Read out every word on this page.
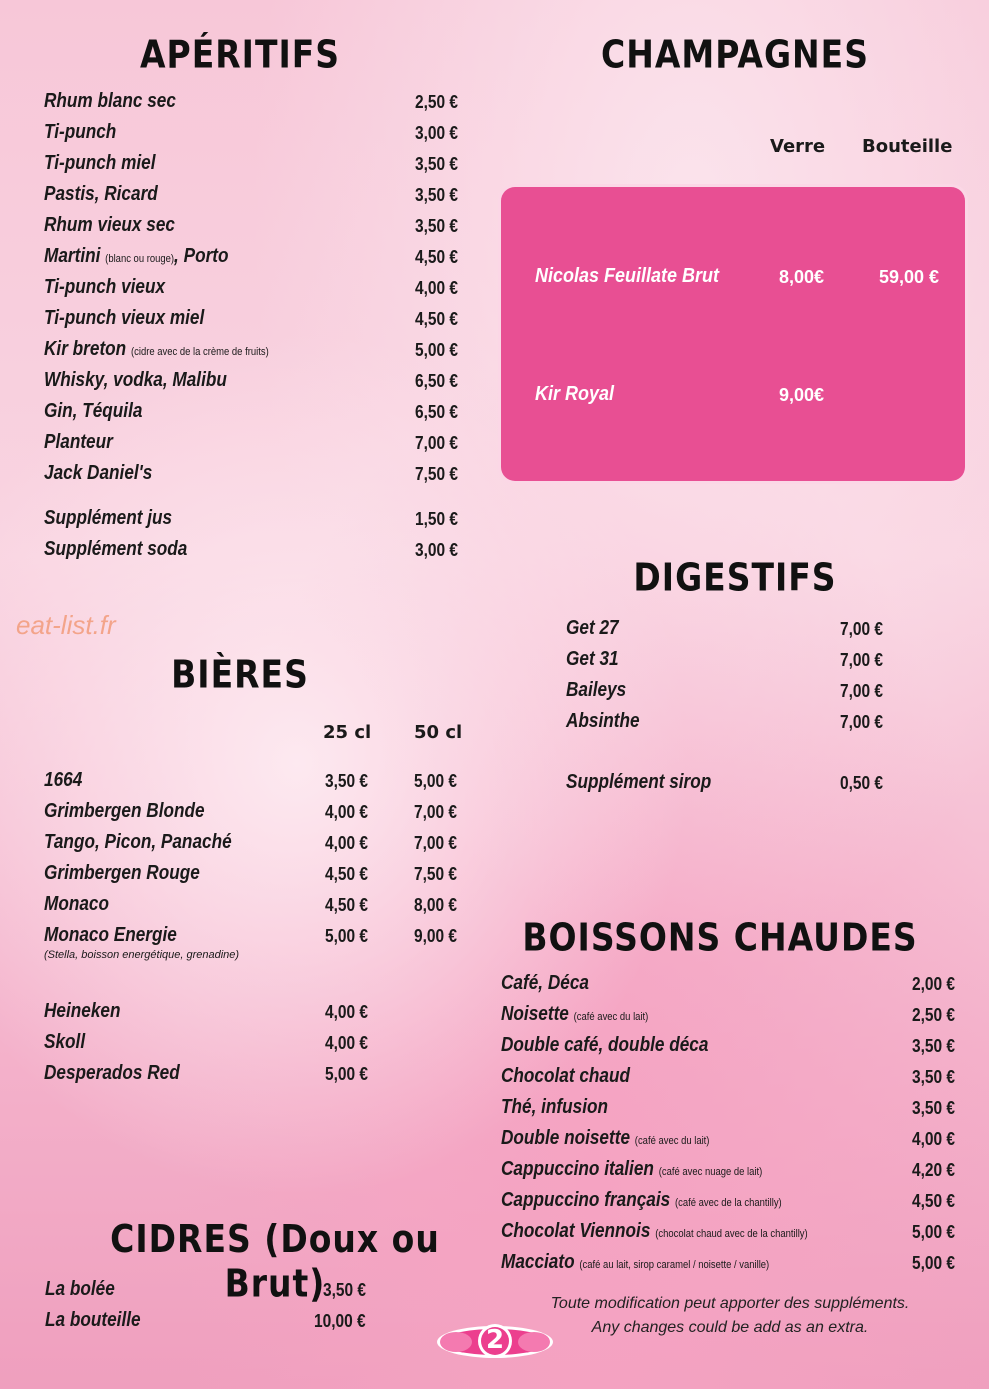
eat-list.fr
APÉRITIFS
Rhum blanc sec	2,50 €
Ti-punch	3,00 €
Ti-punch miel	3,50 €
Pastis, Ricard	3,50 €
Rhum vieux sec	3,50 €
Martini (blanc ou rouge), Porto	4,50 €
Ti-punch vieux	4,00 €
Ti-punch vieux miel	4,50 €
Kir breton (cidre avec de la crème de fruits)	5,00 €
Whisky, vodka, Malibu	6,50 €
Gin, Téquila	6,50 €
Planteur	7,00 €
Jack Daniel's	7,50 €
Supplément jus	1,50 €
Supplément soda	3,00 €
CHAMPAGNES
Verre Bouteille
Nicolas Feuillate Brut	8,00€	59,00 €
Kir Royal	9,00€
DIGESTIFS
Get 27	7,00 €
Get 31	7,00 €
Baileys	7,00 €
Absinthe	7,00 €
Supplément sirop	0,50 €
BIÈRES
25 cl 50 cl
1664	3,50 €	5,00 €
Grimbergen Blonde	4,00 €	7,00 €
Tango, Picon, Panaché	4,00 €	7,00 €
Grimbergen Rouge	4,50 €	7,50 €
Monaco	4,50 €	8,00 €
Monaco Energie	5,00 €	9,00 €
(Stella, boisson energétique, grenadine)
Heineken	4,00 €
Skoll	4,00 €
Desperados Red	5,00 €
BOISSONS CHAUDES
Café, Déca	2,00 €
Noisette (café avec du lait)	2,50 €
Double café, double déca	3,50 €
Chocolat chaud	3,50 €
Thé, infusion	3,50 €
Double noisette (café avec du lait)	4,00 €
Cappuccino italien (café avec nuage de lait)	4,20 €
Cappuccino français (café avec de la chantilly)	4,50 €
Chocolat Viennois (chocolat chaud avec de la chantilly)	5,00 €
Macciato (café au lait, sirop caramel / noisette / vanille)	5,00 €
CIDRES (Doux ou Brut)
La bolée	3,50 €
La bouteille	10,00 €
Toute modification peut apporter des suppléments.
Any changes could be add as an extra.
2
